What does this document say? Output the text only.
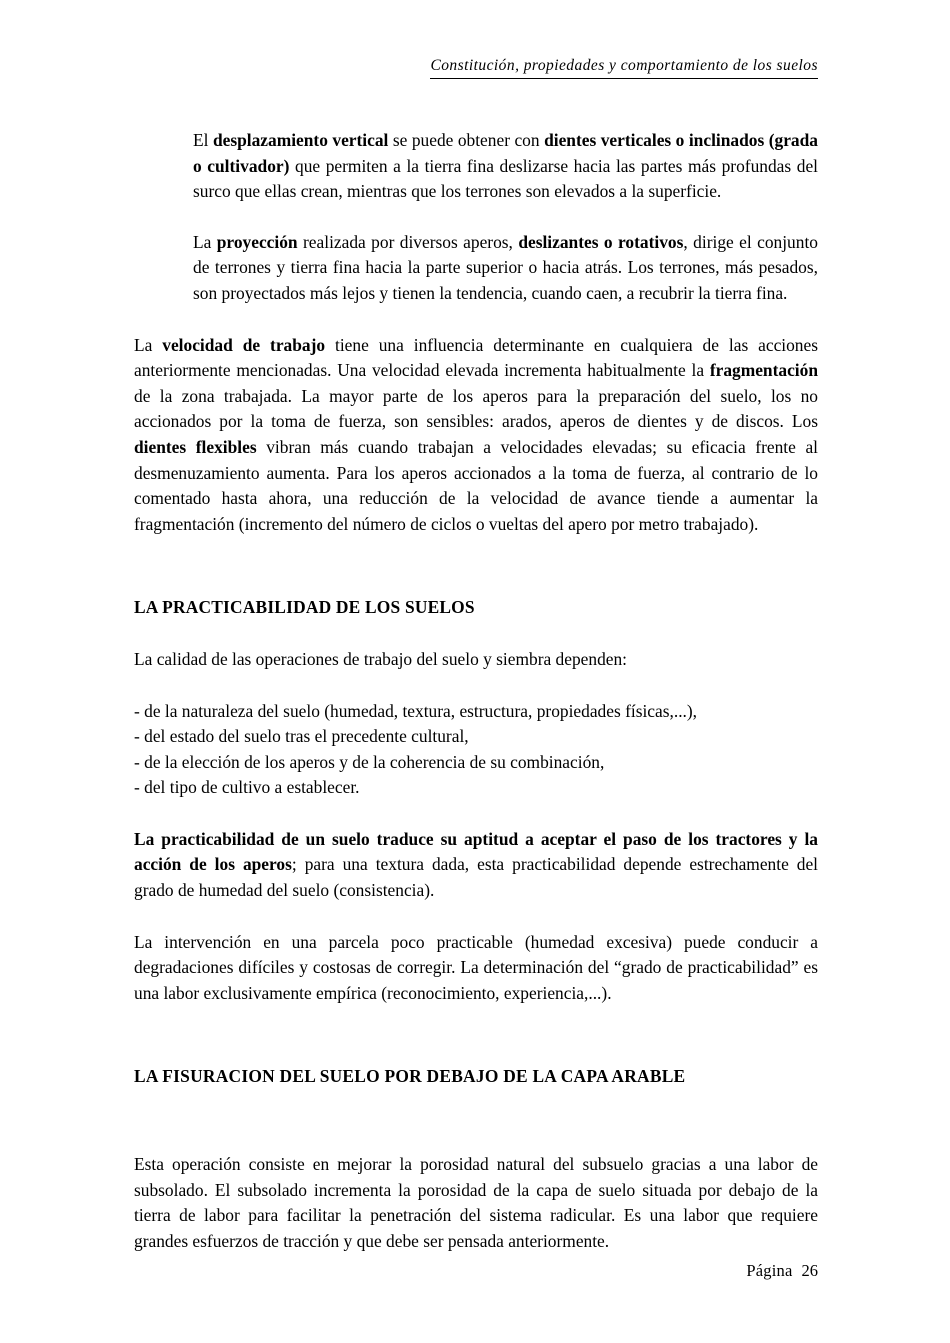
Constitución, propiedades y comportamiento de los suelos

El desplazamiento vertical se puede obtener con dientes verticales o inclinados (grada o cultivador) que permiten a la tierra fina deslizarse hacia las partes más profundas del surco que ellas crean, mientras que los terrones son elevados a la superficie.

La proyección realizada por diversos aperos, deslizantes o rotativos, dirige el conjunto de terrones y tierra fina hacia la parte superior o hacia atrás. Los terrones, más pesados, son proyectados más lejos y tienen la tendencia, cuando caen, a recubrir la tierra fina.

La velocidad de trabajo tiene una influencia determinante en cualquiera de las acciones anteriormente mencionadas. Una velocidad elevada incrementa habitualmente la fragmentación de la zona trabajada. La mayor parte de los aperos para la preparación del suelo, los no accionados por la toma de fuerza, son sensibles: arados, aperos de dientes y de discos. Los dientes flexibles vibran más cuando trabajan a velocidades elevadas; su eficacia frente al desmenuzamiento aumenta. Para los aperos accionados a la toma de fuerza, al contrario de lo comentado hasta ahora, una reducción de la velocidad de avance tiende a aumentar la fragmentación (incremento del número de ciclos o vueltas del apero por metro trabajado).

LA PRACTICABILIDAD DE LOS SUELOS

La calidad de las operaciones de trabajo del suelo y siembra dependen:

- de la naturaleza del suelo (humedad, textura, estructura, propiedades físicas,...),
- del estado del suelo tras el precedente cultural,
- de la elección de los aperos y de la coherencia de su combinación,
- del tipo de cultivo a establecer.

La practicabilidad de un suelo traduce su aptitud a aceptar el paso de los tractores y la acción de los aperos; para una textura dada, esta practicabilidad depende estrechamente del grado de humedad del suelo (consistencia).

La intervención en una parcela poco practicable (humedad excesiva) puede conducir a degradaciones difíciles y costosas de corregir. La determinación del “grado de practicabilidad” es una labor exclusivamente empírica (reconocimiento, experiencia,...).

LA FISURACION DEL SUELO POR DEBAJO DE LA CAPA ARABLE

Esta operación consiste en mejorar la porosidad natural del subsuelo gracias a una labor de subsolado. El subsolado incrementa la porosidad de la capa de suelo situada por debajo de la tierra de labor para facilitar la penetración del sistema radicular. Es una labor que requiere grandes esfuerzos de tracción y que debe ser pensada anteriormente.

Página 26
